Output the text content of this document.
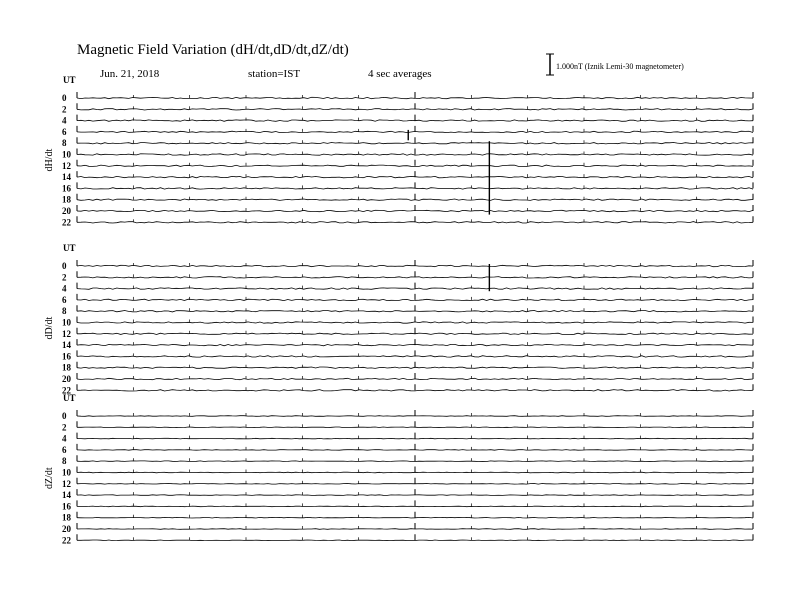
Magnetic Field Variation (dH/dt,dD/dt,dZ/dt)
Jun. 21, 2018	station=IST	4 sec averages
1.000nT (Iznik Lemi-30 magnetometer)
UT
dH/dt
0
2
4
6
8
10
12
14
16
18
20
22
UT
dD/dt
0
2
4
6
8
10
12
14
16
18
20
22
UT
dZ/dt
0
2
4
6
8
10
12
14
16
18
20
22
